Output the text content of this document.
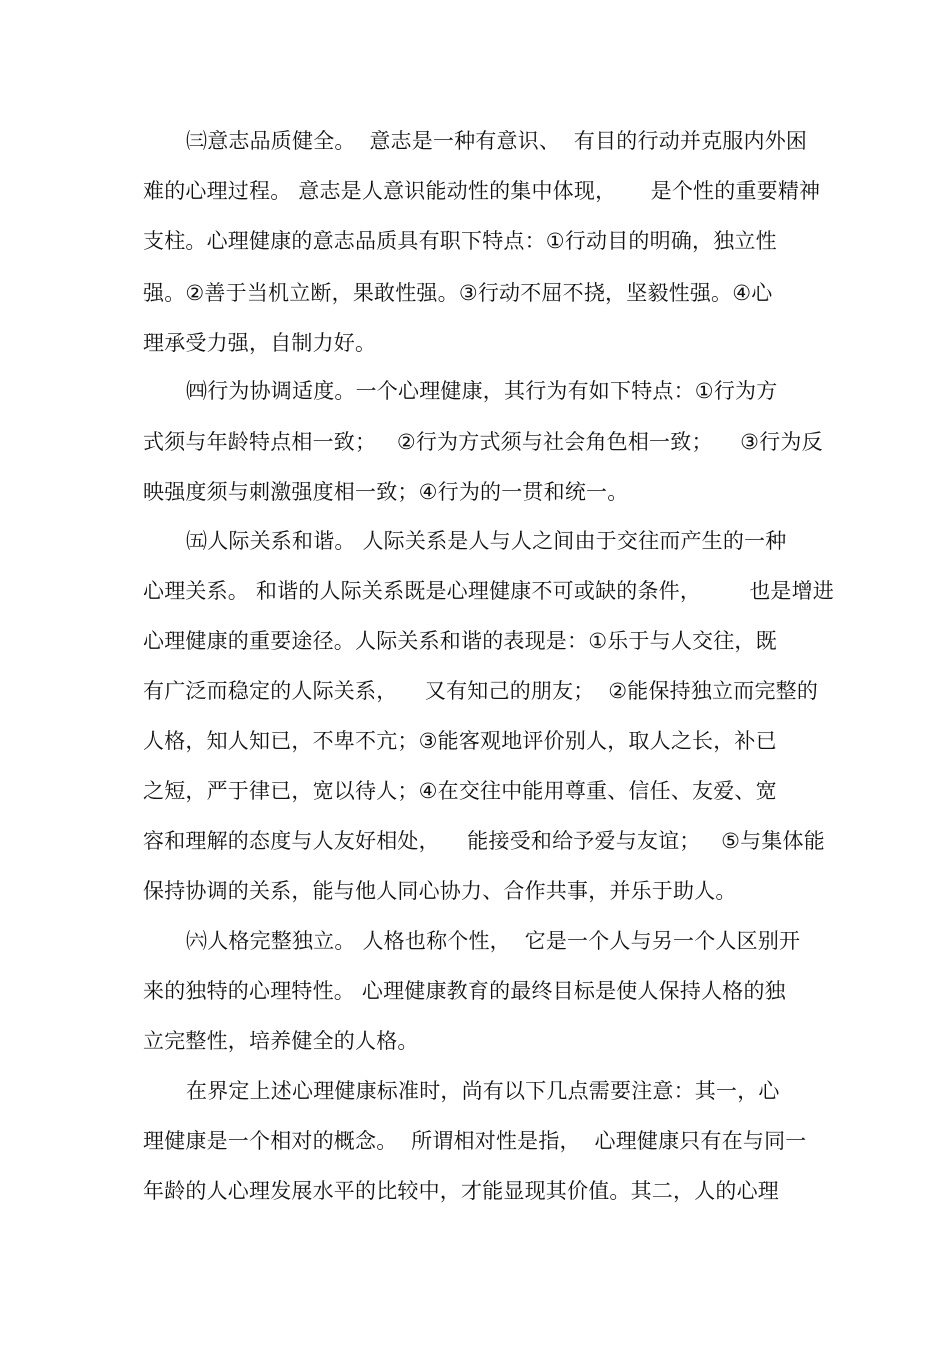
㈢意志品质健全。  意志是一种有意识、  有目的行动并克服内外困
难的心理过程。 意志是人意识能动性的集中体现，     是个性的重要精神
支柱。心理健康的意志品质具有职下特点：①行动目的明确，独立性
强。②善于当机立断，果敢性强。③行动不屈不挠，坚毅性强。④心
理承受力强，自制力好。
㈣行为协调适度。一个心理健康，其行为有如下特点：①行为方
式须与年龄特点相一致；   ②行为方式须与社会角色相一致；    ③行为反
映强度须与刺激强度相一致；④行为的一贯和统一。
㈤人际关系和谐。 人际关系是人与人之间由于交往而产生的一种
心理关系。 和谐的人际关系既是心理健康不可或缺的条件，       也是增进
心理健康的重要途径。人际关系和谐的表现是：①乐于与人交往，既
有广泛而稳定的人际关系，    又有知己的朋友；  ②能保持独立而完整的
人格，知人知已，不卑不亢；③能客观地评价别人，取人之长，补已
之短，严于律已，宽以待人；④在交往中能用尊重、信任、友爱、宽
容和理解的态度与人友好相处，    能接受和给予爱与友谊；   ⑤与集体能
保持协调的关系，能与他人同心协力、合作共事，并乐于助人。
㈥人格完整独立。 人格也称个性，  它是一个人与另一个人区别开
来的独特的心理特性。 心理健康教育的最终目标是使人保持人格的独
立完整性，培养健全的人格。
在界定上述心理健康标准时，尚有以下几点需要注意：其一，心
理健康是一个相对的概念。  所谓相对性是指，  心理健康只有在与同一
年龄的人心理发展水平的比较中，才能显现其价值。其二，人的心理
